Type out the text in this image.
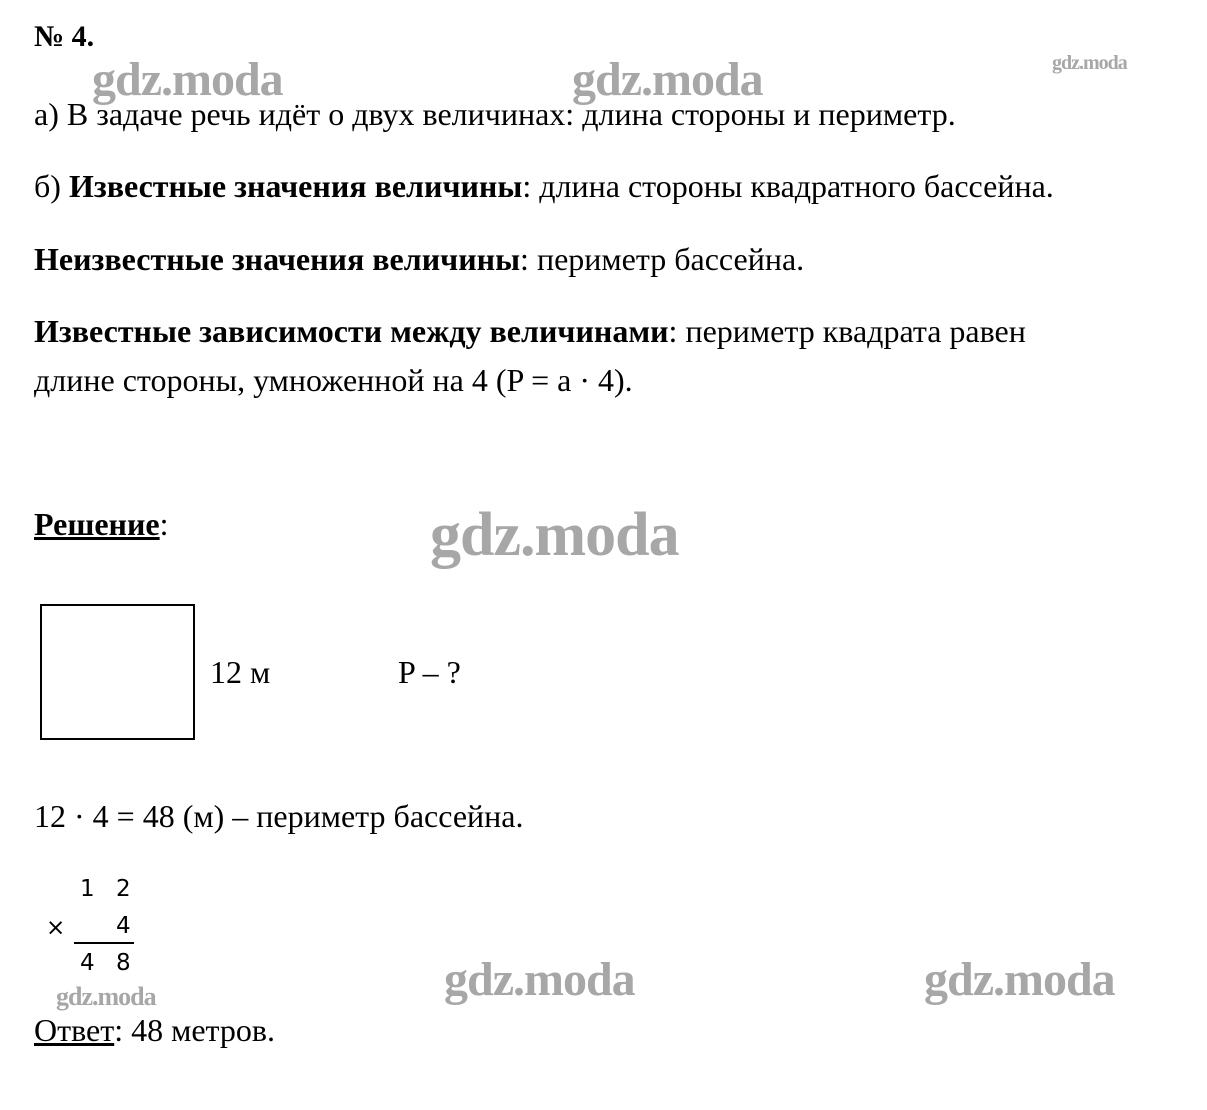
gdz.moda	gdz.moda	gdz.moda
gdz.moda
gdz.moda	gdz.moda
gdz.moda
№ 4.
а) В задаче речь идёт о двух величинах: длина стороны и периметр.
б) Известные значения величины: длина стороны квадратного бассейна.
Неизвестные значения величины: периметр бассейна.
Известные зависимости между величинами: периметр квадрата равен
длине стороны, умноженной на 4 (P = a · 4).
Решение:
12 м	P – ?
12 · 4 = 48 (м) – периметр бассейна.
1 2
× 4
4 8
Ответ: 48 метров.
